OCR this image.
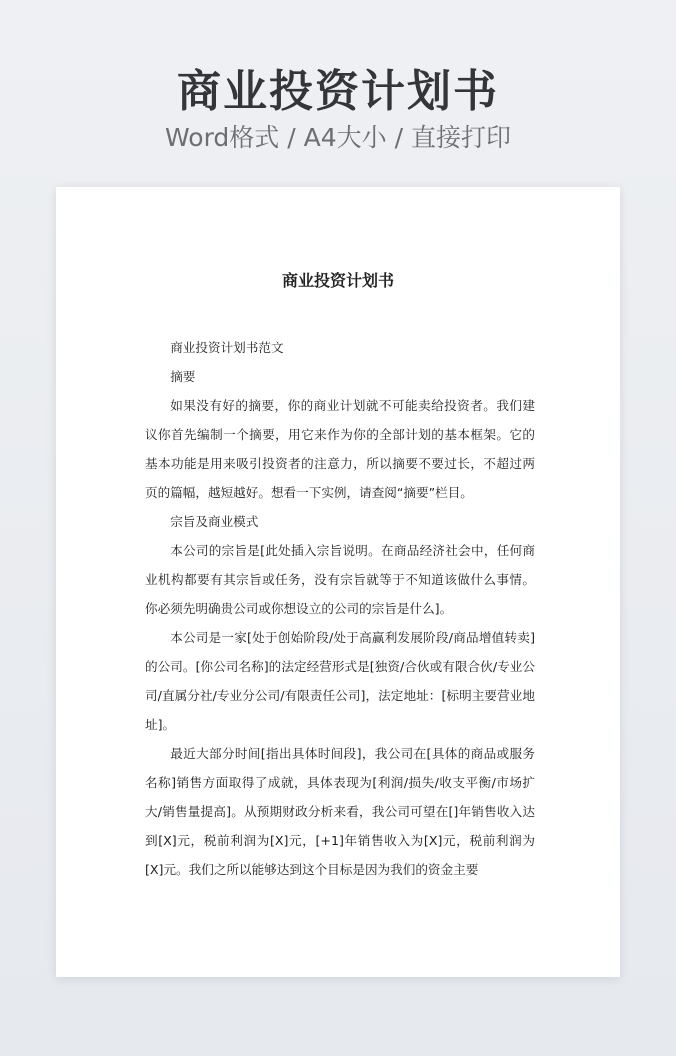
商业投资计划书
Word格式 / A4大小 / 直接打印
商业投资计划书

商业投资计划书范文

摘要

如果没有好的摘要，你的商业计划就不可能卖给投资者。我们建议你首先编制一个摘要，用它来作为你的全部计划的基本框架。它的基本功能是用来吸引投资者的注意力，所以摘要不要过长，不超过两页的篇幅，越短越好。想看一下实例，请查阅“摘要”栏目。

宗旨及商业模式

本公司的宗旨是[此处插入宗旨说明。在商品经济社会中，任何商业机构都要有其宗旨或任务，没有宗旨就等于不知道该做什么事情。你必须先明确贵公司或你想设立的公司的宗旨是什么]。

本公司是一家[处于创始阶段/处于高赢利发展阶段/商品增值转卖]的公司。[你公司名称]的法定经营形式是[独资/合伙或有限合伙/专业公司/直属分社/专业分公司/有限责任公司]，法定地址：[标明主要营业地址]。

最近大部分时间[指出具体时间段]，我公司在[具体的商品或服务名称]销售方面取得了成就，具体表现为[利润/损失/收支平衡/市场扩大/销售量提高]。从预期财政分析来看，我公司可望在[]年销售收入达到[X]元，税前利润为[X]元，[+1]年销售收入为[X]元，税前利润为[X]元。我们之所以能够达到这个目标是因为我们的资金主要
